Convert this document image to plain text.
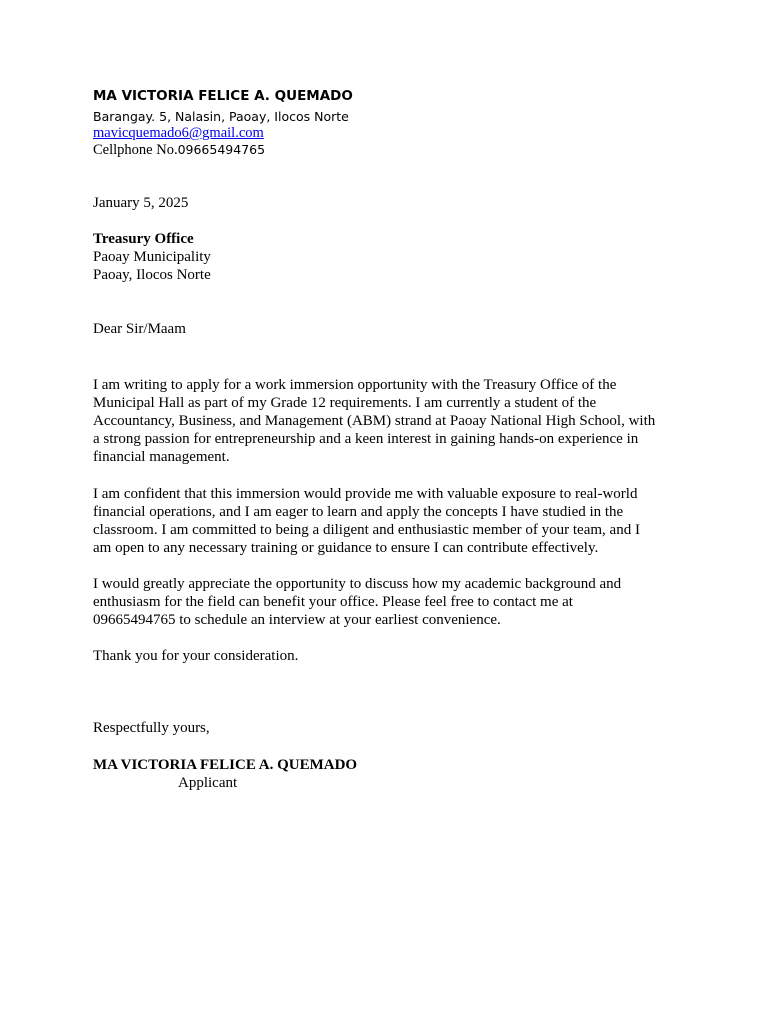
MA VICTORIA FELICE A. QUEMADO
Barangay. 5, Nalasin, Paoay, Ilocos Norte
mavicquemado6@gmail.com
Cellphone No.09665494765
January 5, 2025
Treasury Office
Paoay Municipality
Paoay, Ilocos Norte
Dear Sir/Maam
I am writing to apply for a work immersion opportunity with the Treasury Office of the
Municipal Hall as part of my Grade 12 requirements. I am currently a student of the
Accountancy, Business, and Management (ABM) strand at Paoay National High School, with
a strong passion for entrepreneurship and a keen interest in gaining hands-on experience in
financial management.
I am confident that this immersion would provide me with valuable exposure to real-world
financial operations, and I am eager to learn and apply the concepts I have studied in the
classroom. I am committed to being a diligent and enthusiastic member of your team, and I
am open to any necessary training or guidance to ensure I can contribute effectively.
I would greatly appreciate the opportunity to discuss how my academic background and
enthusiasm for the field can benefit your office. Please feel free to contact me at
09665494765 to schedule an interview at your earliest convenience.
Thank you for your consideration.
Respectfully yours,
MA VICTORIA FELICE A. QUEMADO
Applicant
